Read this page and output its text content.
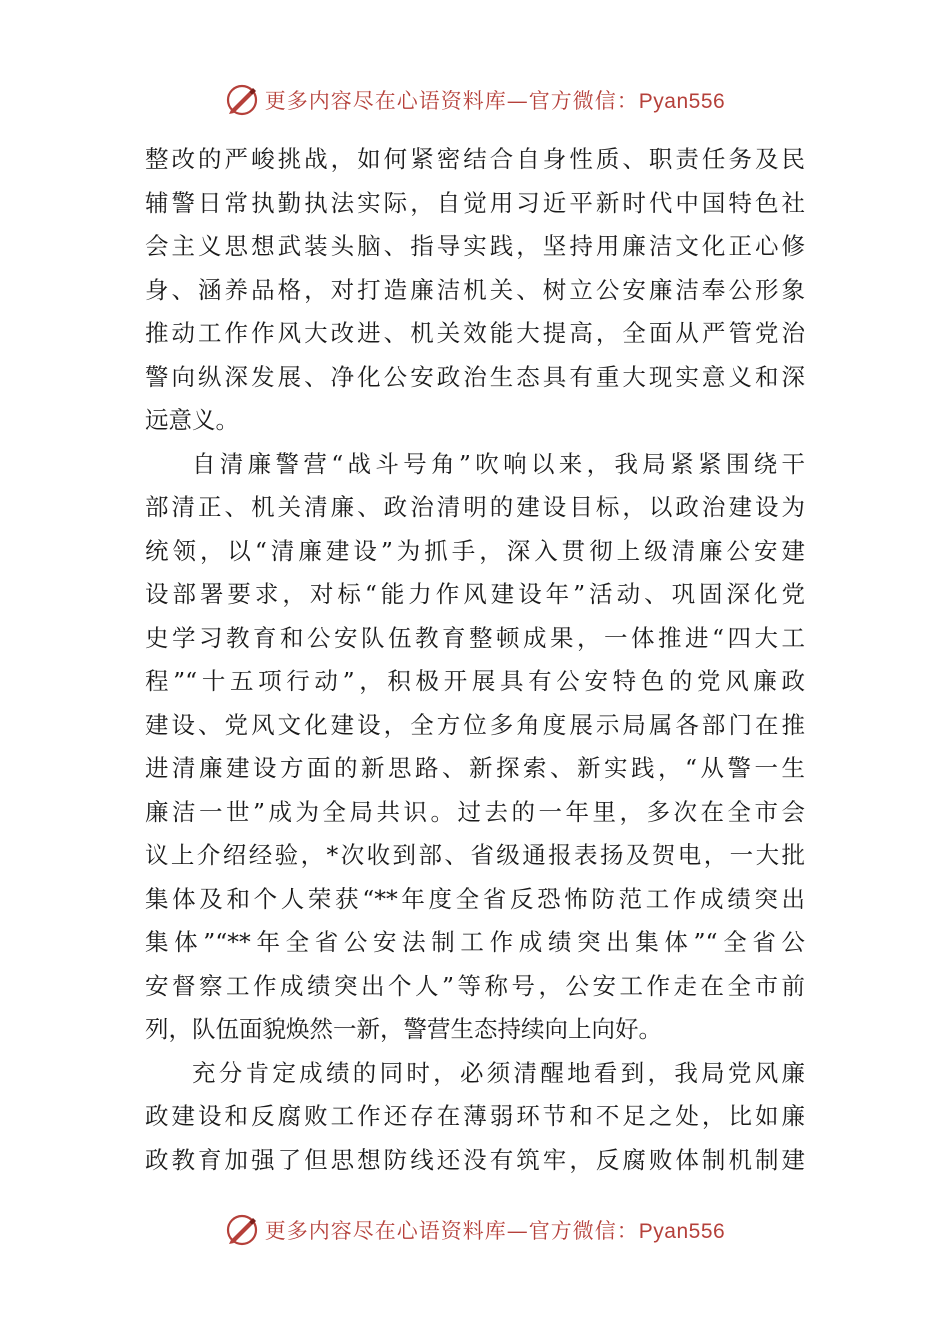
更多内容尽在心语资料库—官方微信：Pyan556
整改的严峻挑战，如何紧密结合自身性质、职责任务及民
辅警日常执勤执法实际，自觉用习近平新时代中国特色社
会主义思想武装头脑、指导实践，坚持用廉洁文化正心修
身、涵养品格，对打造廉洁机关、树立公安廉洁奉公形象
推动工作作风大改进、机关效能大提高，全面从严管党治
警向纵深发展、净化公安政治生态具有重大现实意义和深
远意义。
自清廉警营“战斗号角”吹响以来，我局紧紧围绕干
部清正、机关清廉、政治清明的建设目标，以政治建设为
统领，以“清廉建设”为抓手，深入贯彻上级清廉公安建
设部署要求，对标“能力作风建设年”活动、巩固深化党
史学习教育和公安队伍教育整顿成果，一体推进“四大工
程”“十五项行动”，积极开展具有公安特色的党风廉政
建设、党风文化建设，全方位多角度展示局属各部门在推
进清廉建设方面的新思路、新探索、新实践，“从警一生
廉洁一世”成为全局共识。过去的一年里，多次在全市会
议上介绍经验，*次收到部、省级通报表扬及贺电，一大批
集体及和个人荣获“**年度全省反恐怖防范工作成绩突出
集体”“**年全省公安法制工作成绩突出集体”“全省公
安督察工作成绩突出个人”等称号，公安工作走在全市前
列，队伍面貌焕然一新，警营生态持续向上向好。
充分肯定成绩的同时，必须清醒地看到，我局党风廉
政建设和反腐败工作还存在薄弱环节和不足之处，比如廉
政教育加强了但思想防线还没有筑牢，反腐败体制机制建
更多内容尽在心语资料库—官方微信：Pyan556
